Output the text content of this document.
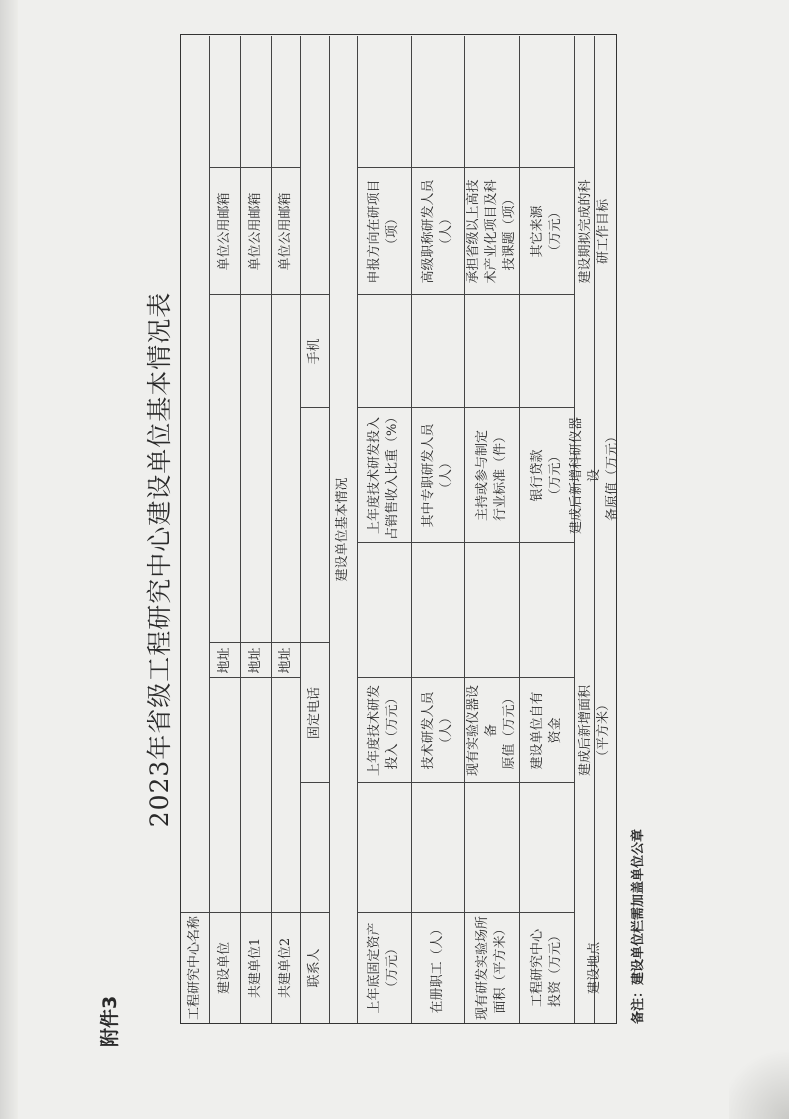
附件3
2023年省级工程研究中心建设单位基本情况表
工程研究中心名称	建设单位
地址
单位公用邮箱
共建单位1
地址
单位公用邮箱
共建单位2
地址
单位公用邮箱
联系人
固定电话
手机
建设单位基本情况
上年底固定资产
（万元）
上年度技术研发
投入（万元）
上年度技术研发投入
占销售收入比重（%）
申报方向在研项目
（项）
在册职工（人）
技术研发人员
（人）
其中专职研发人员
（人）
高级职称研发人员
（人）
现有研发实验场所
面积（平方米）
现有实验仪器设
备
原值（万元）
主持或参与制定
行业标准（件）
承担省级以上高技
术产业化项目及科
技课题（项）
工程研究中心
投资（万元）
建设单位自有
资金
银行贷款
（万元）
其它来源
（万元）
建设地点
建成后新增面积
（平方米）
建成后新增科研仪器设
备原值（万元）
建设期拟完成的科
研工作目标
备注：建设单位栏需加盖单位公章
